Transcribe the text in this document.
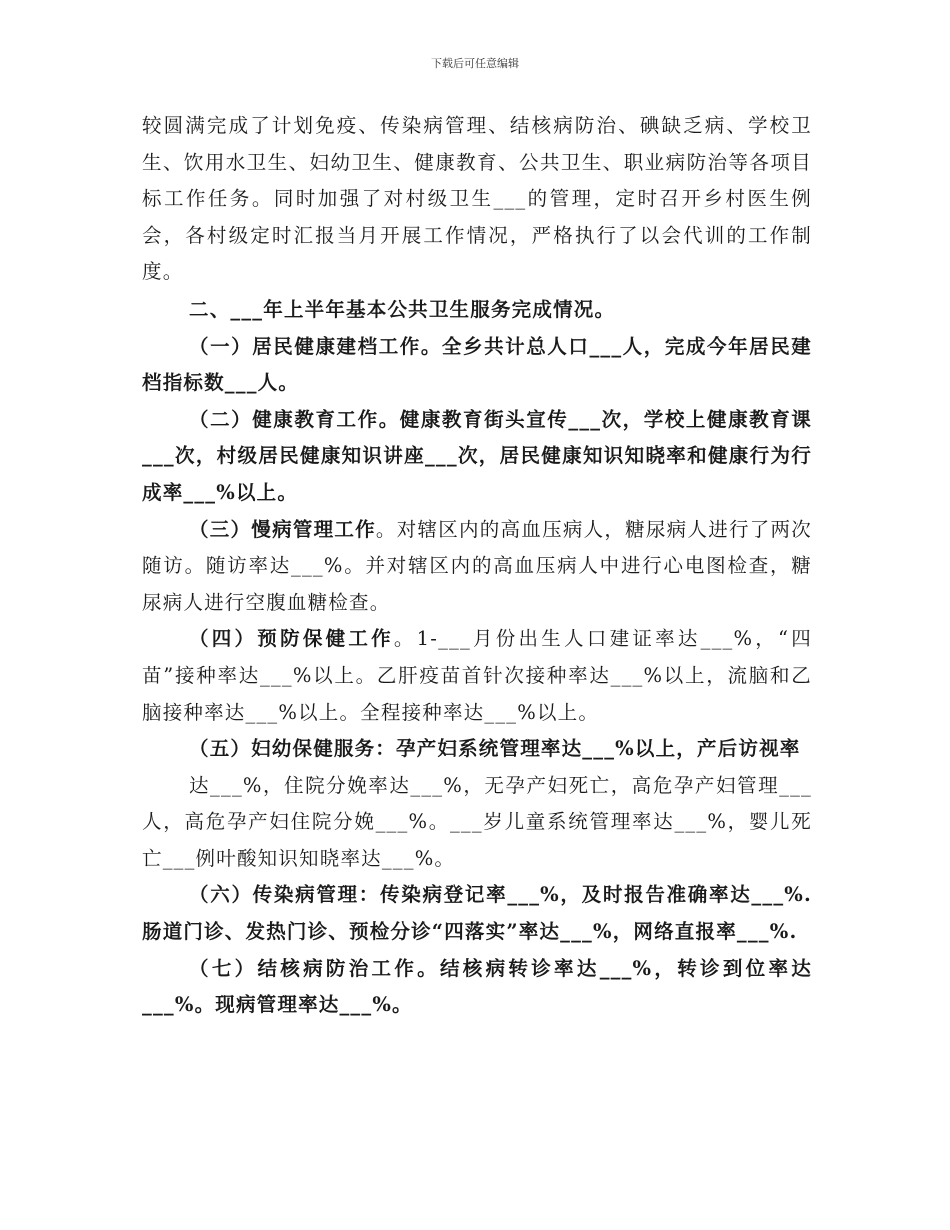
下载后可任意编辑

较圆满完成了计划免疫、传染病管理、结核病防治、碘缺乏病、学校卫生、饮用水卫生、妇幼卫生、健康教育、公共卫生、职业病防治等各项目标工作任务。同时加强了对村级卫生___的管理，定时召开乡村医生例会，各村级定时汇报当月开展工作情况，严格执行了以会代训的工作制度。

二、___年上半年基本公共卫生服务完成情况。

（一）居民健康建档工作。全乡共计总人口___人，完成今年居民建档指标数___人。

（二）健康教育工作。健康教育街头宣传___次，学校上健康教育课___次，村级居民健康知识讲座___次，居民健康知识知晓率和健康行为行成率___%以上。

（三）慢病管理工作。对辖区内的高血压病人，糖尿病人进行了两次随访。随访率达___%。并对辖区内的高血压病人中进行心电图检查，糖尿病人进行空腹血糖检查。

（四）预防保健工作。1-___月份出生人口建证率达___%，“四苗”接种率达___%以上。乙肝疫苗首针次接种率达___%以上，流脑和乙脑接种率达___%以上。全程接种率达___%以上。

（五）妇幼保健服务：孕产妇系统管理率达___%以上，产后访视率

达___%，住院分娩率达___%，无孕产妇死亡，高危孕产妇管理___人，高危孕产妇住院分娩___%。___岁儿童系统管理率达___%，婴儿死亡___例叶酸知识知晓率达___%。

（六）传染病管理：传染病登记率___%，及时报告准确率达___%.肠道门诊、发热门诊、预检分诊“四落实”率达___%，网络直报率___%.

（七）结核病防治工作。结核病转诊率达___%，转诊到位率达___%。现病管理率达___%。
